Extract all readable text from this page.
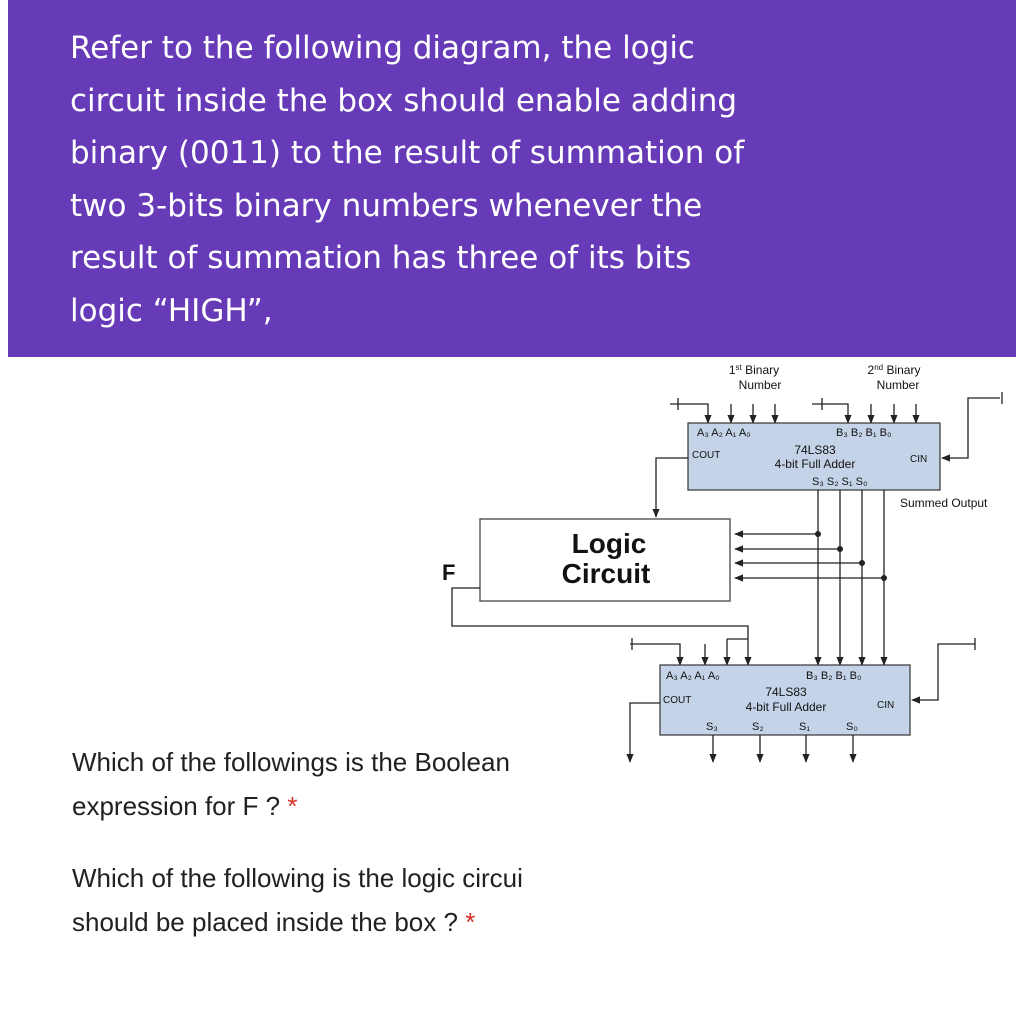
Refer to the following diagram, the logic
circuit inside the box should enable adding
binary (0011) to the result of summation of
two 3-bits binary numbers whenever the
result of summation has three of its bits
logic “HIGH”,

1st Binary
Number
2nd Binary
Number
A₃ A₂ A₁ A₀	B₃ B₂ B₁ B₀
74LS83
4-bit Full Adder
COUT	CIN
S₃ S₂ S₁ S₀
Summed Output
Logic
Circuit
F
A₃ A₂ A₁ A₀	B₃ B₂ B₁ B₀
74LS83
4-bit Full Adder
COUT	CIN
S₃	S₂	S₁	S₀

Which of the followings is the Boolean
expression for F ? *

Which of the following is the logic circui
should be placed inside the box ? *
